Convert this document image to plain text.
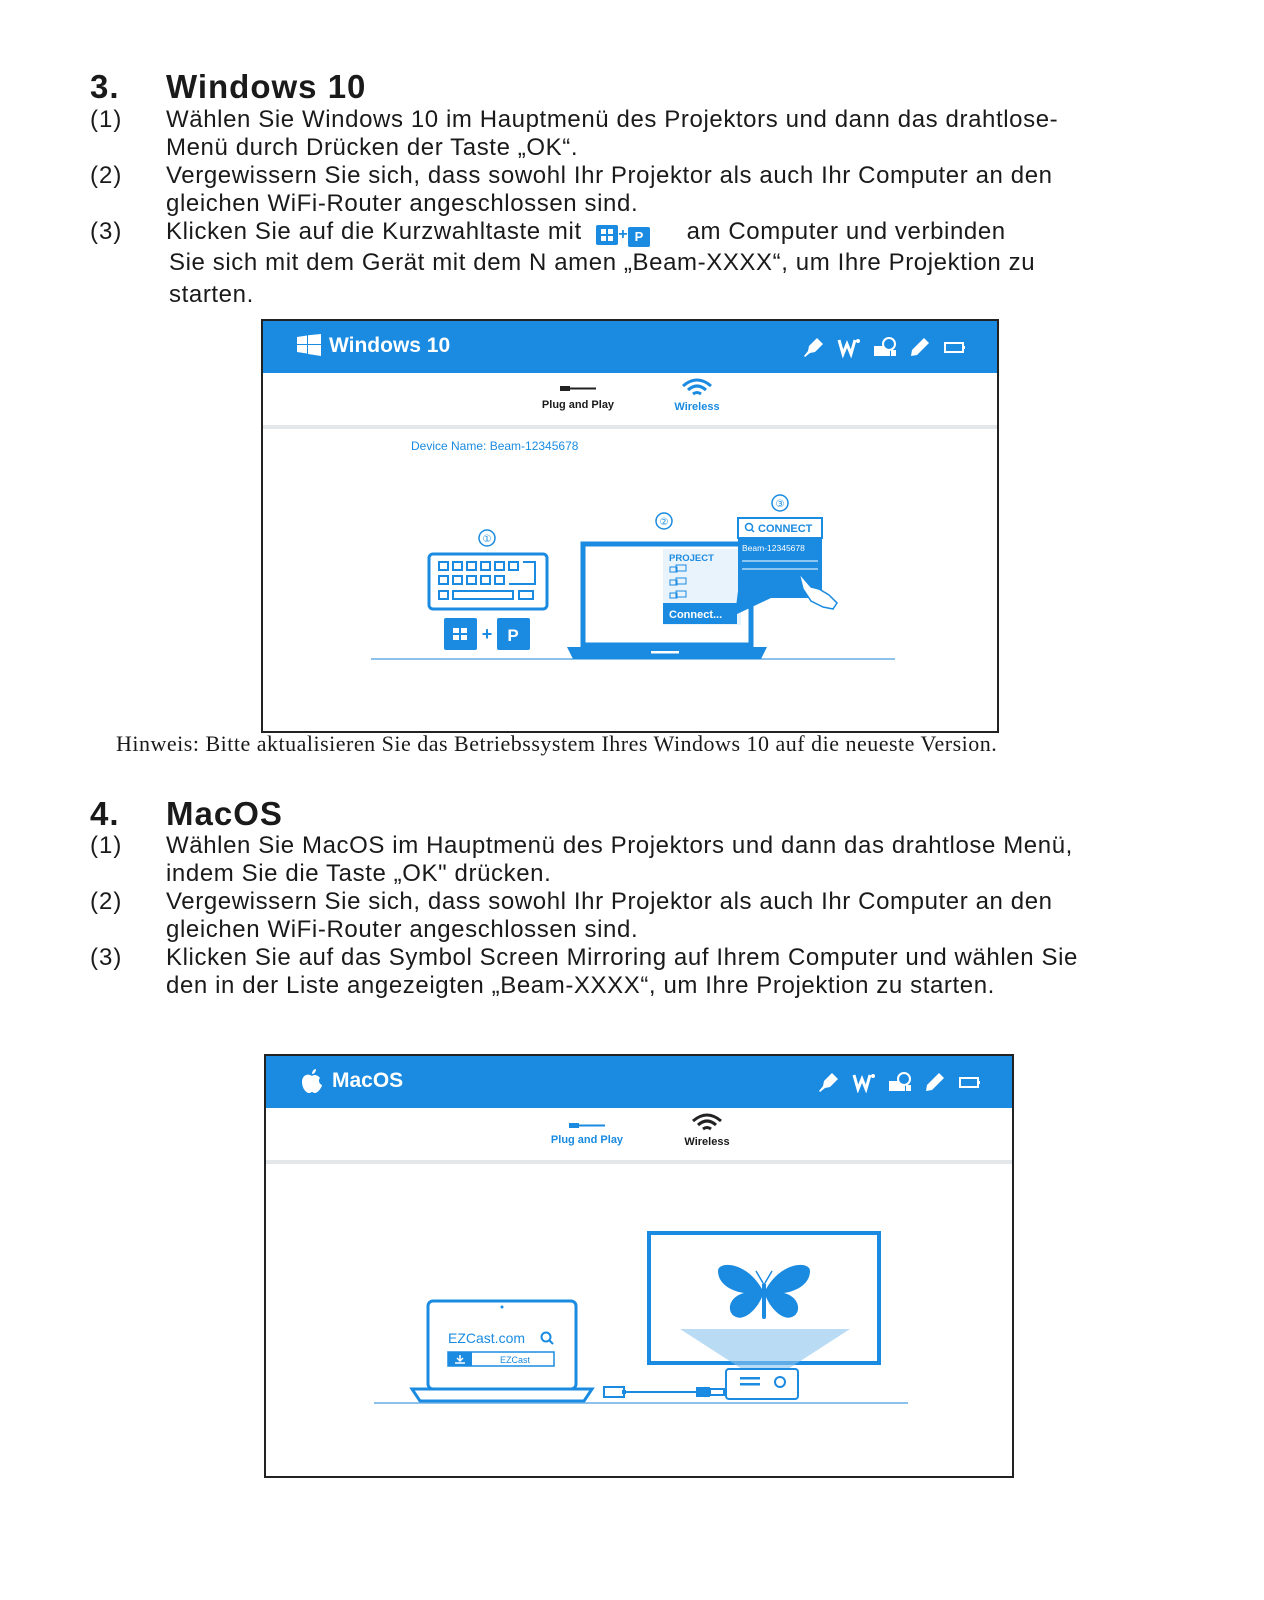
3. Windows 10
(1) Wählen Sie Windows 10 im Hauptmenü des Projektors und dann das drahtlose-
Menü durch Drücken der Taste „OK“.
(2) Vergewissern Sie sich, dass sowohl Ihr Projektor als auch Ihr Computer an den
gleichen WiFi-Router angeschlossen sind.
(3) Klicken Sie auf die Kurzwahltaste mit + P am Computer und verbinden
Sie sich mit dem Gerät mit dem N amen „Beam-XXXX“, um Ihre Projektion zu
starten.
Windows 10
Plug and Play	Wireless
Device Name: Beam-12345678
①
+ P
②
PROJECT
Connect...
③
CONNECT
Beam-12345678
Hinweis: Bitte aktualisieren Sie das Betriebssystem Ihres Windows 10 auf die neueste Version.
4. MacOS
(1) Wählen Sie MacOS im Hauptmenü des Projektors und dann das drahtlose Menü,
indem Sie die Taste „OK" drücken.
(2) Vergewissern Sie sich, dass sowohl Ihr Projektor als auch Ihr Computer an den
gleichen WiFi-Router angeschlossen sind.
(3) Klicken Sie auf das Symbol Screen Mirroring auf Ihrem Computer und wählen Sie
den in der Liste angezeigten „Beam-XXXX“, um Ihre Projektion zu starten.
MacOS
Plug and Play	Wireless
EZCast.com
EZCast
